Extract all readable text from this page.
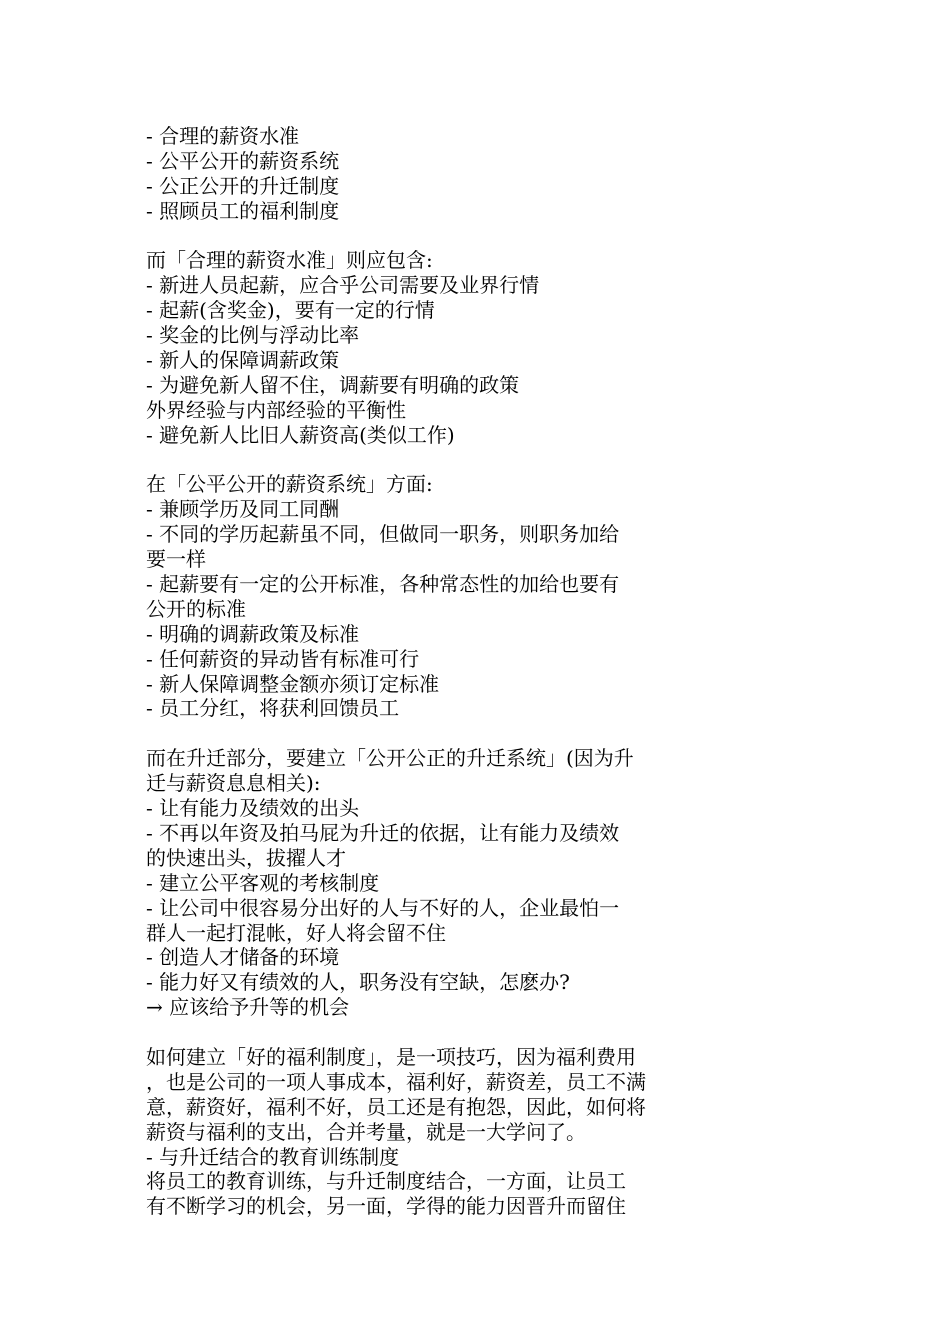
- 合理的薪资水准
- 公平公开的薪资系统
- 公正公开的升迁制度
- 照顾员工的福利制度
而「合理的薪资水准」则应包含:
- 新进人员起薪，应合乎公司需要及业界行情
- 起薪(含奖金)，要有一定的行情
- 奖金的比例与浮动比率
- 新人的保障调薪政策
- 为避免新人留不住，调薪要有明确的政策
外界经验与内部经验的平衡性
- 避免新人比旧人薪资高(类似工作)
在「公平公开的薪资系统」方面:
- 兼顾学历及同工同酬
- 不同的学历起薪虽不同，但做同一职务，则职务加给
要一样
- 起薪要有一定的公开标准，各种常态性的加给也要有
公开的标准
- 明确的调薪政策及标准
- 任何薪资的异动皆有标准可行
- 新人保障调整金额亦须订定标准
- 员工分红，将获利回馈员工
而在升迁部分，要建立「公开公正的升迁系统」(因为升
迁与薪资息息相关):
- 让有能力及绩效的出头
- 不再以年资及拍马屁为升迁的依据，让有能力及绩效
的快速出头，拔擢人才
- 建立公平客观的考核制度
- 让公司中很容易分出好的人与不好的人，企业最怕一
群人一起打混帐，好人将会留不住
- 创造人才储备的环境
- 能力好又有绩效的人，职务没有空缺，怎麽办?
→ 应该给予升等的机会
如何建立「好的福利制度」，是一项技巧，因为福利费用
，也是公司的一项人事成本，福利好，薪资差，员工不满
意，薪资好，福利不好，员工还是有抱怨，因此，如何将
薪资与福利的支出，合并考量，就是一大学问了。
- 与升迁结合的教育训练制度
将员工的教育训练，与升迁制度结合，一方面，让员工
有不断学习的机会，另一面，学得的能力因晋升而留住
